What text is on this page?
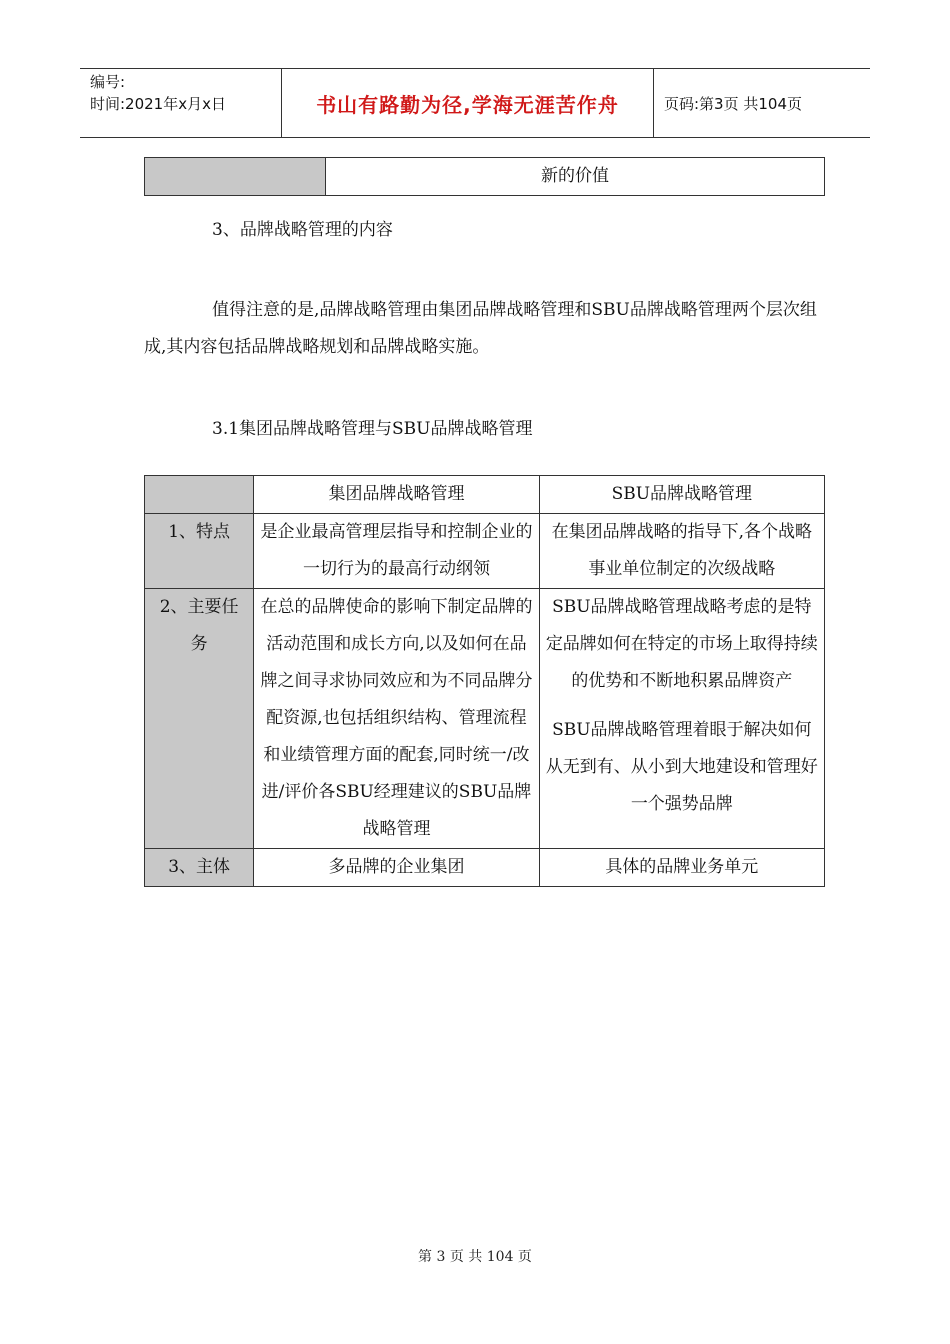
编号:
时间:2021年x月x日	书山有路勤为径,学海无涯苦作舟	页码:第3页 共104页
	新的价值
3、品牌战略管理的内容
值得注意的是,品牌战略管理由集团品牌战略管理和SBU品牌战略管理两个层次组成,其内容包括品牌战略规划和品牌战略实施。
3.1集团品牌战略管理与SBU品牌战略管理
	集团品牌战略管理	SBU品牌战略管理
1、特点	是企业最高管理层指导和控制企业的一切行为的最高行动纲领	在集团品牌战略的指导下,各个战略事业单位制定的次级战略
2、主要任务	在总的品牌使命的影响下制定品牌的活动范围和成长方向,以及如何在品牌之间寻求协同效应和为不同品牌分配资源,也包括组织结构、管理流程和业绩管理方面的配套,同时统一/改进/评价各SBU经理建议的SBU品牌战略管理	SBU品牌战略管理战略考虑的是特定品牌如何在特定的市场上取得持续的优势和不断地积累品牌资产

SBU品牌战略管理着眼于解决如何从无到有、从小到大地建设和管理好一个强势品牌

3、主体	多品牌的企业集团	具体的品牌业务单元
第 3 页 共 104 页
